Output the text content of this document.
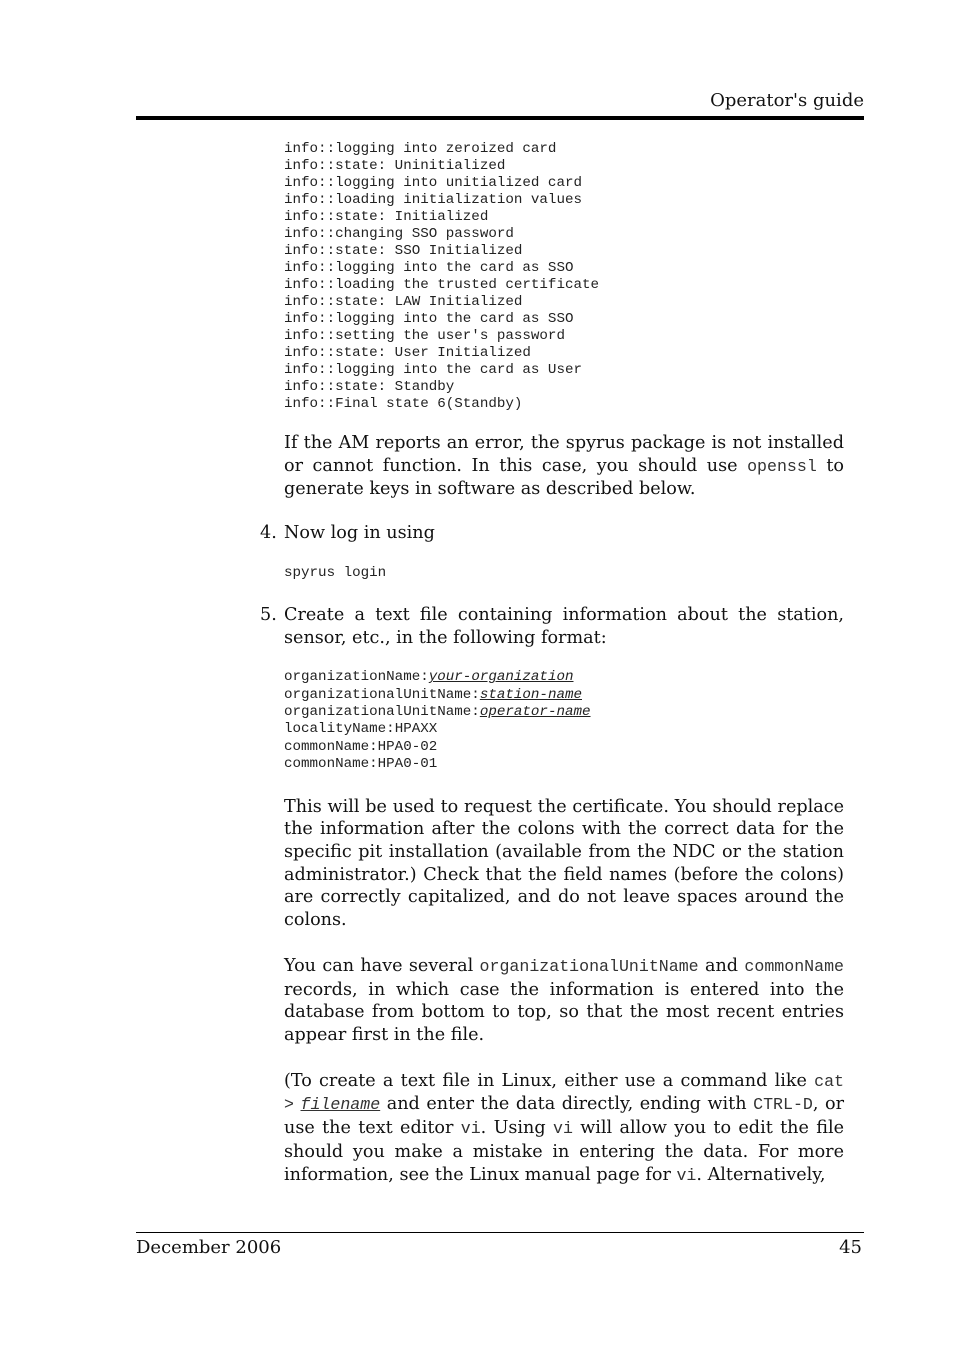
Operator's guide
info::logging into zeroized card
info::state: Uninitialized
info::logging into unitialized card
info::loading initialization values
info::state: Initialized
info::changing SSO password
info::state: SSO Initialized
info::logging into the card as SSO
info::loading the trusted certificate
info::state: LAW Initialized
info::logging into the card as SSO
info::setting the user's password
info::state: User Initialized
info::logging into the card as User
info::state: Standby
info::Final state 6(Standby)

If the AM reports an error, the spyrus package is not installed or cannot function. In this case, you should use openssl to generate keys in software as described below.

4. Now log in using

spyrus login
5. Create a text file containing information about the station, sensor, etc., in the following format:

organizationName:your-organization
organizationalUnitName:station-name
organizationalUnitName:operator-name
localityName:HPAXX
commonName:HPA0-02
commonName:HPA0-01

This will be used to request the certificate. You should replace the information after the colons with the correct data for the specific pit installation (available from the NDC or the station administrator.) Check that the field names (before the colons) are correctly capitalized, and do not leave spaces around the colons.

You can have several organizationalUnitName and commonName records, in which case the information is entered into the database from bottom to top, so that the most recent entries appear first in the file.

(To create a text file in Linux, either use a command like cat > filename and enter the data directly, ending with CTRL-D, or use the text editor vi. Using vi will allow you to edit the file should you make a mistake in entering the data. For more information, see the Linux manual page for vi. Alternatively,

December 2006	45
